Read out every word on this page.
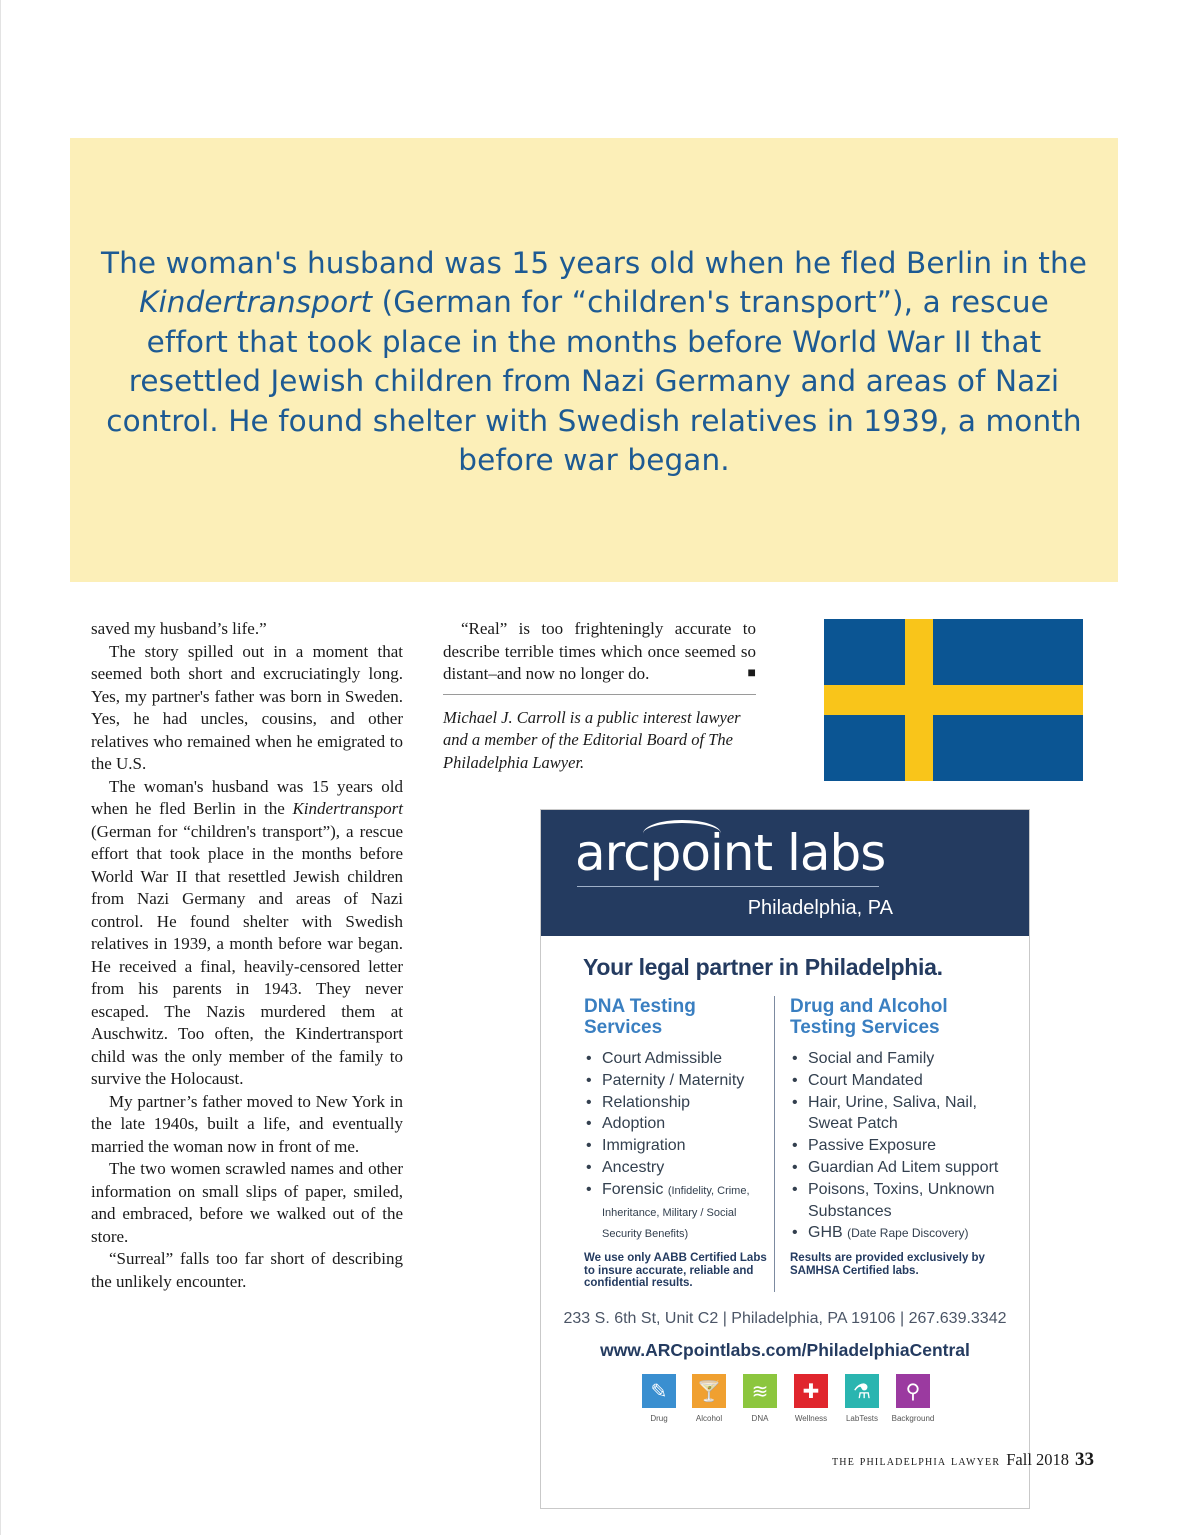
The woman's husband was 15 years old when he fled Berlin in the Kindertransport (German for “children's transport”), a rescue effort that took place in the months before World War II that resettled Jewish children from Nazi Germany and areas of Nazi control. He found shelter with Swedish relatives in 1939, a month before war began.

saved my husband’s life.”

The story spilled out in a moment that seemed both short and excruciatingly long. Yes, my partner's father was born in Sweden. Yes, he had uncles, cousins, and other relatives who remained when he emigrated to the U.S.

The woman's husband was 15 years old when he fled Berlin in the Kindertransport (German for “children's transport”), a rescue effort that took place in the months before World War II that resettled Jewish children from Nazi Germany and areas of Nazi control. He found shelter with Swedish relatives in 1939, a month before war began. He received a final, heavily-censored letter from his parents in 1943. They never escaped. The Nazis murdered them at Auschwitz. Too often, the Kindertransport child was the only member of the family to survive the Holocaust.

My partner’s father moved to New York in the late 1940s, built a life, and eventually married the woman now in front of me.

The two women scrawled names and other information on small slips of paper, smiled, and embraced, before we walked out of the store.

“Surreal” falls too far short of describing the unlikely encounter.

“Real” is too frighteningly accurate to describe terrible times which once seemed so distant–and now no longer do.	■

Michael J. Carroll is a public interest lawyer and a member of the Editorial Board of The Philadelphia Lawyer.

arcpoint labs
Philadelphia, PA
Your legal partner in Philadelphia.
DNA Testing
Services
• Court Admissible
• Paternity / Maternity
• Relationship
• Adoption
• Immigration
• Ancestry
• Forensic (Infidelity, Crime, Inheritance, Military / Social Security Benefits)
We use only AABB Certified Labs to insure accurate, reliable and confidential results.
Drug and Alcohol
Testing Services
• Social and Family
• Court Mandated
• Hair, Urine, Saliva, Nail, Sweat Patch
• Passive Exposure
• Guardian Ad Litem support
• Poisons, Toxins, Unknown Substances
• GHB (Date Rape Discovery)
Results are provided exclusively by SAMHSA Certified labs.
233 S. 6th St, Unit C2 | Philadelphia, PA 19106 | 267.639.3342
www.ARCpointlabs.com/PhiladelphiaCentral
✎
Drug
🍸
Alcohol
≋
DNA
✚
Wellness
⚗
LabTests
⚲
Background
the philadelphia lawyer Fall 2018 33
